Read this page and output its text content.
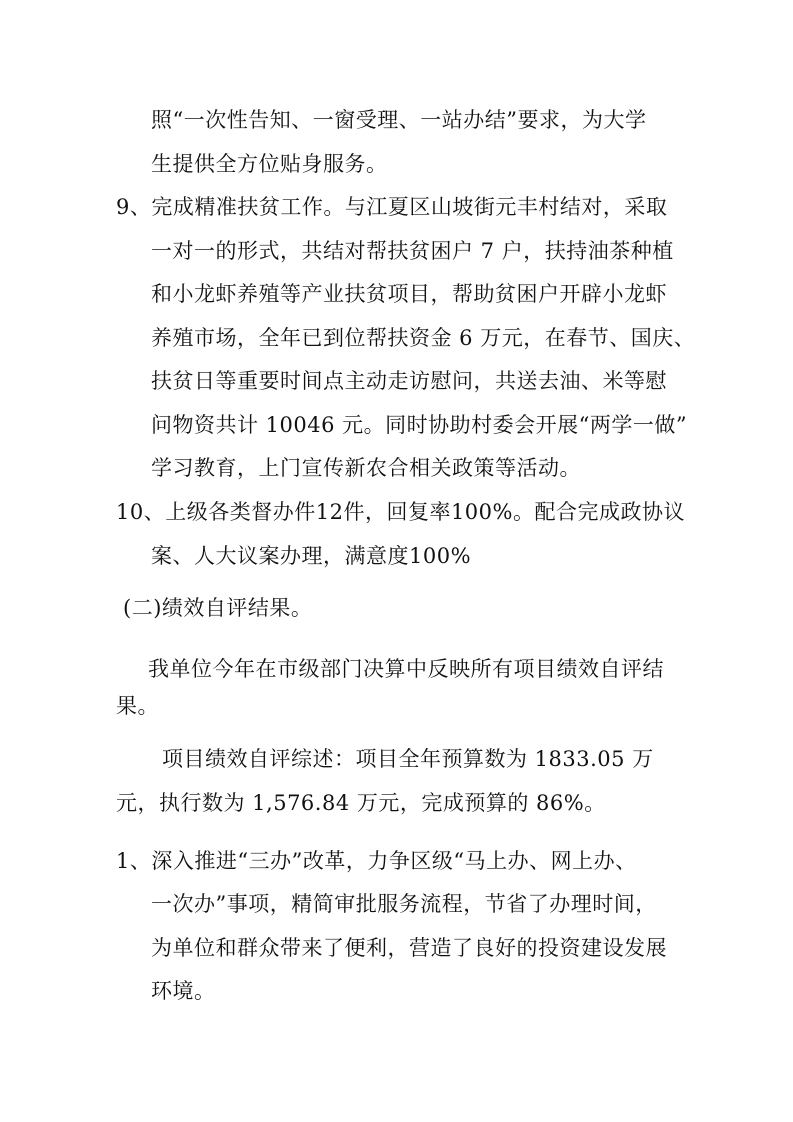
照“一次性告知、一窗受理、一站办结”要求，为大学
生提供全方位贴身服务。
9、完成精准扶贫工作。与江夏区山坡街元丰村结对，采取
一对一的形式，共结对帮扶贫困户 7 户，扶持油茶种植
和小龙虾养殖等产业扶贫项目，帮助贫困户开辟小龙虾
养殖市场，全年已到位帮扶资金 6 万元，在春节、国庆、
扶贫日等重要时间点主动走访慰问，共送去油、米等慰
问物资共计 10046 元。同时协助村委会开展“两学一做”
学习教育，上门宣传新农合相关政策等活动。
10、上级各类督办件12件，回复率100%。配合完成政协议
案、人大议案办理，满意度100%
(二)绩效自评结果。
我单位今年在市级部门决算中反映所有项目绩效自评结
果。
项目绩效自评综述：项目全年预算数为 1833.05 万
元，执行数为 1,576.84 万元，完成预算的 86%。
1、深入推进“三办”改革，力争区级“马上办、网上办、
一次办”事项，精简审批服务流程，节省了办理时间，
为单位和群众带来了便利，营造了良好的投资建设发展
环境。
